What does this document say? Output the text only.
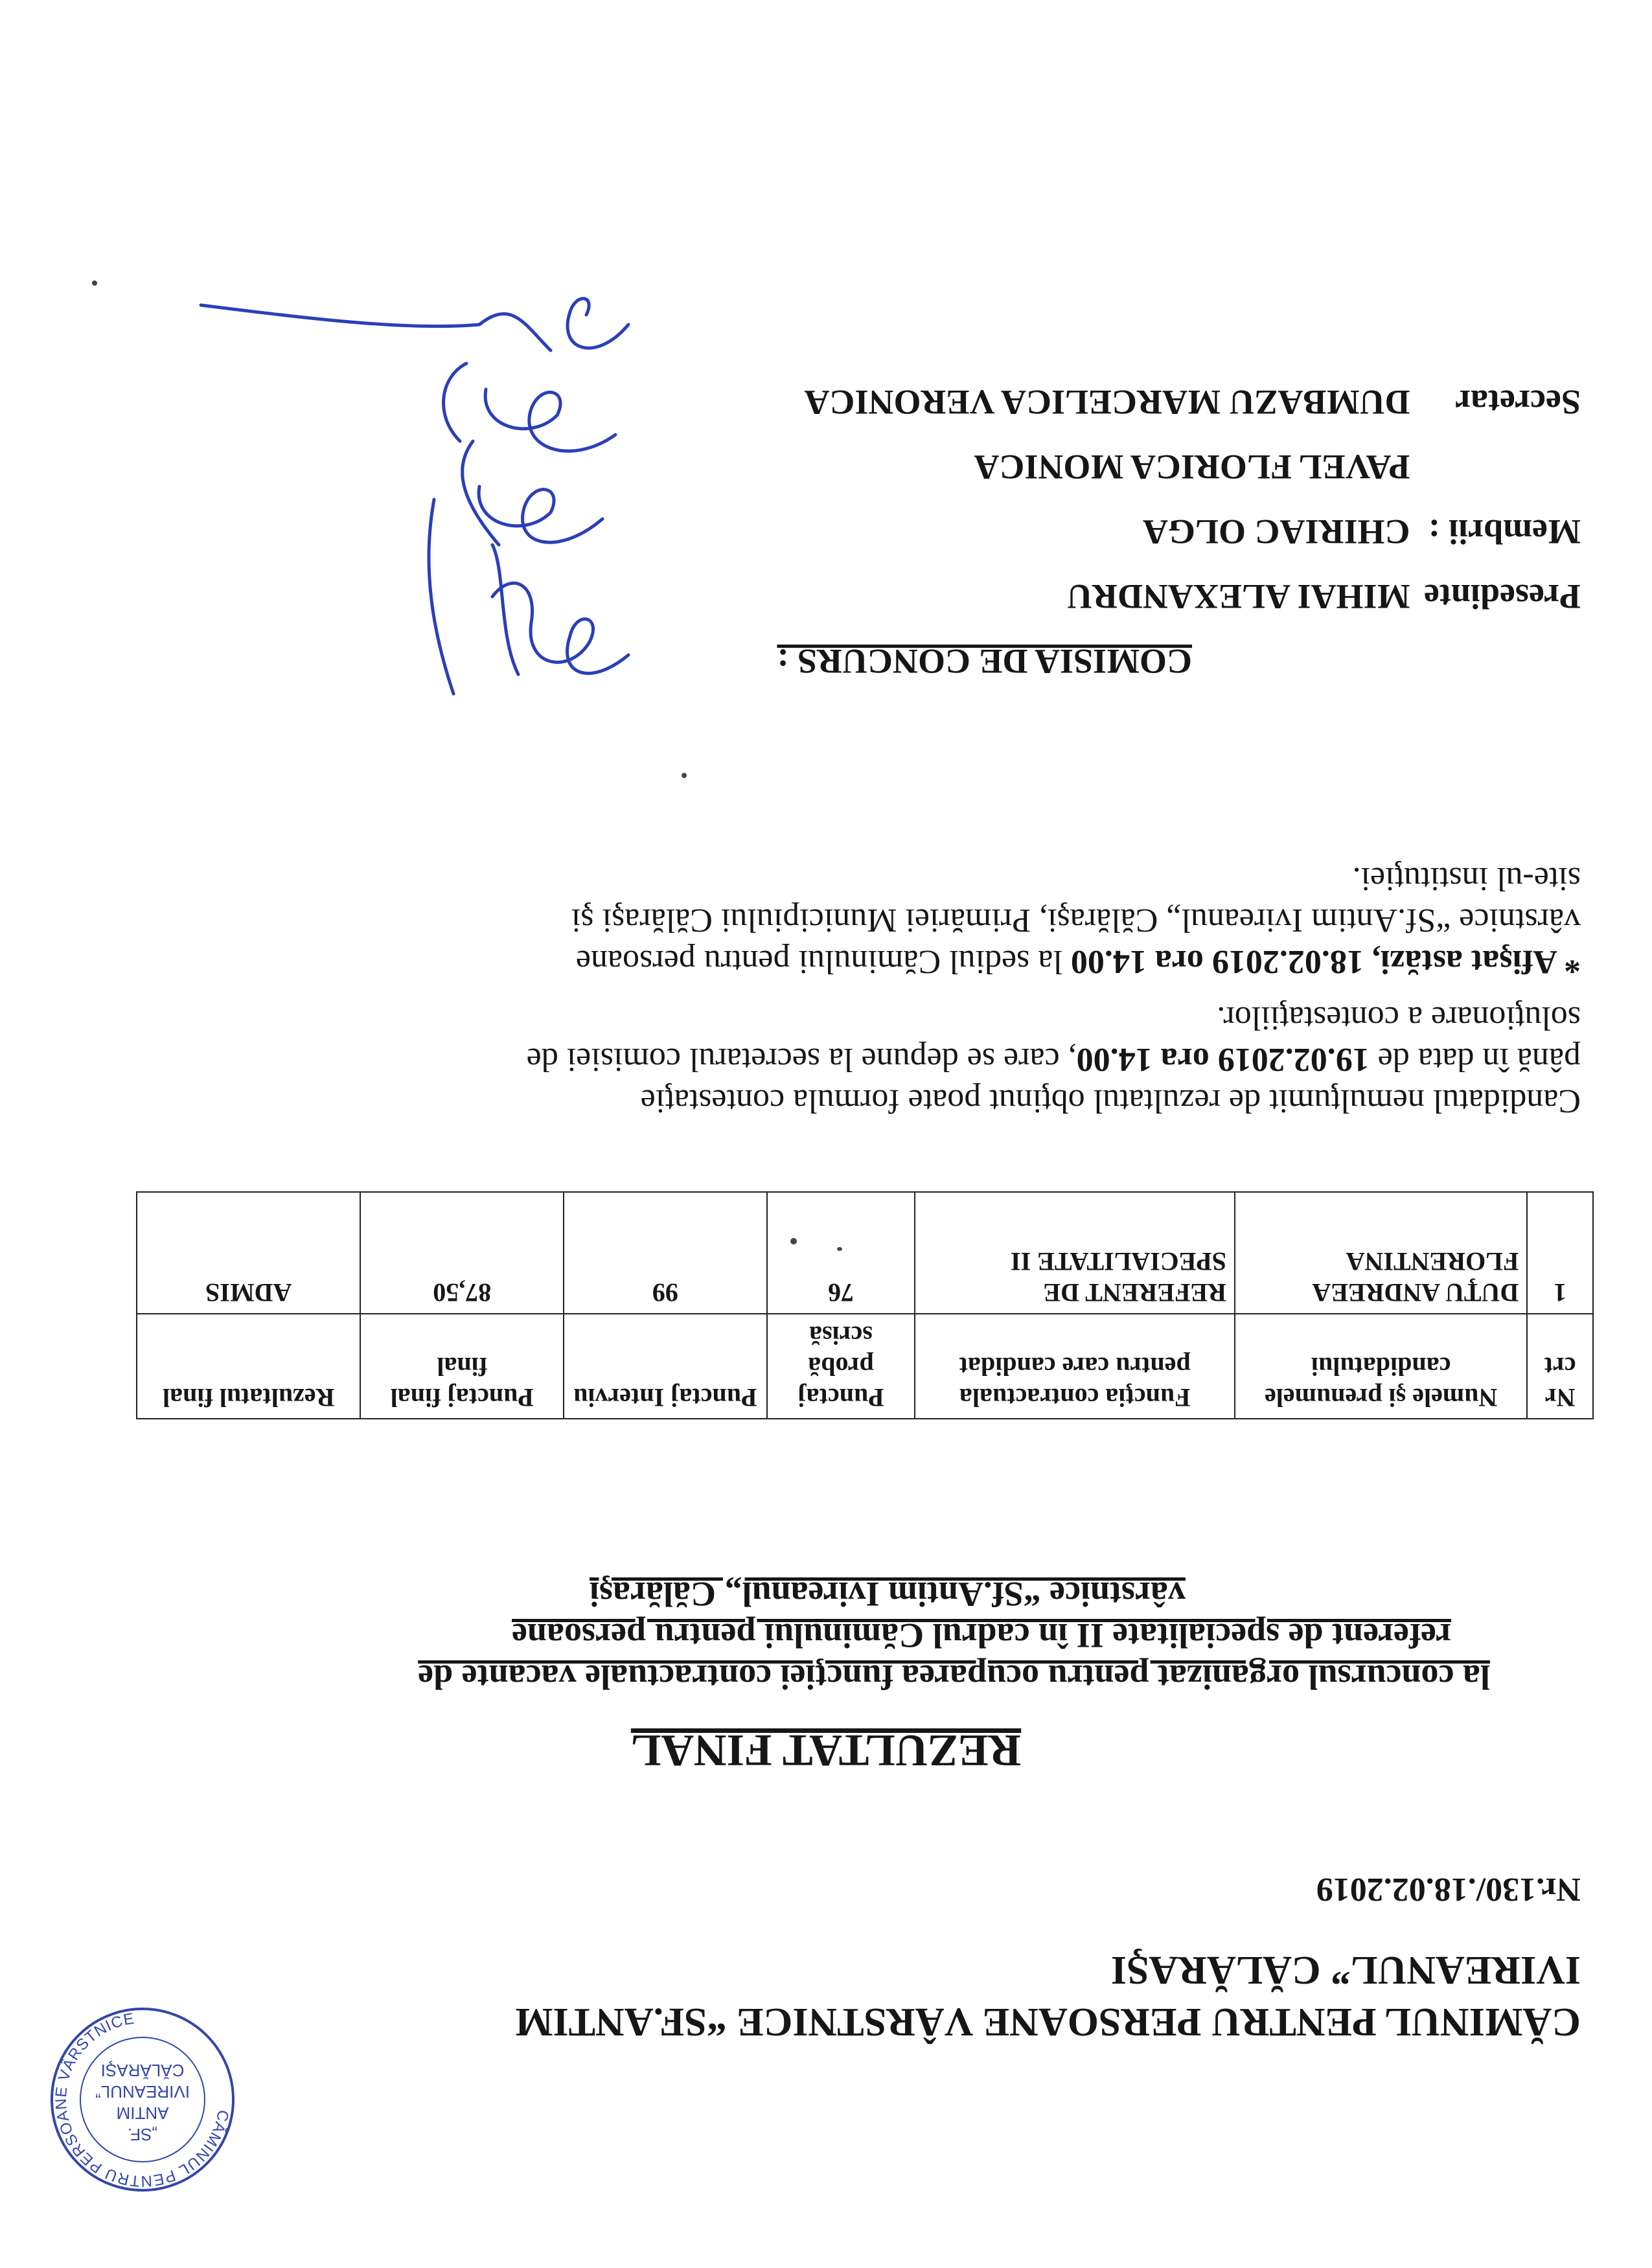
CĂMINUL PENTRU PERSOANE VÂRSTNICE
„SF.
ANTIM
IVIREANUL”
CĂLĂRAŞI
CĂMINUL PENTRU PERSOANE VÂRSTNICE “SF.ANTIM
IVIREANUL” CĂLĂRAŞI
Nr.130/.18.02.2019
REZULTAT FINAL
la concursul organizat pentru ocuparea funcţiei contractuale vacante de
referent de specialitate II în cadrul Căminului pentru persoane
vârstnice “Sf.Antim Ivireanul„ Călăraşi
Nr crt	Numele şi prenumele candidatului	Funcţia contractuala pentru care candidat	Punctaj probă scrisă	Punctaj Interviu	Punctaj final final	Rezultatul final
1	DUŢU ANDREEA FLORENTINA	REFERENT DE SPECIALITATE II	76	99	87,50	ADMIS
Candidatul nemulţumit de rezultatul obţinut poate formula contestaţie
până în data de 19.02.2019 ora 14.00, care se depune la secretarul comisiei de
soluţionare a contestaţiilor.
* Afişat astăzi, 18.02.2019 ora 14.00 la sediul Căminului pentru persoane
vârstnice “Sf.Antim Ivireanul„ Călăraşi, Primăriei Municipiului Călăraşi şi
site-ul instituţiei.
COMISIA DE CONCURS :
Presedinte MIHAI ALEXANDRU
Membrii : CHIRIAC OLGA
PAVEL FLORICA MONICA
Secretar DUMBAZU MARCELICA VERONICA
